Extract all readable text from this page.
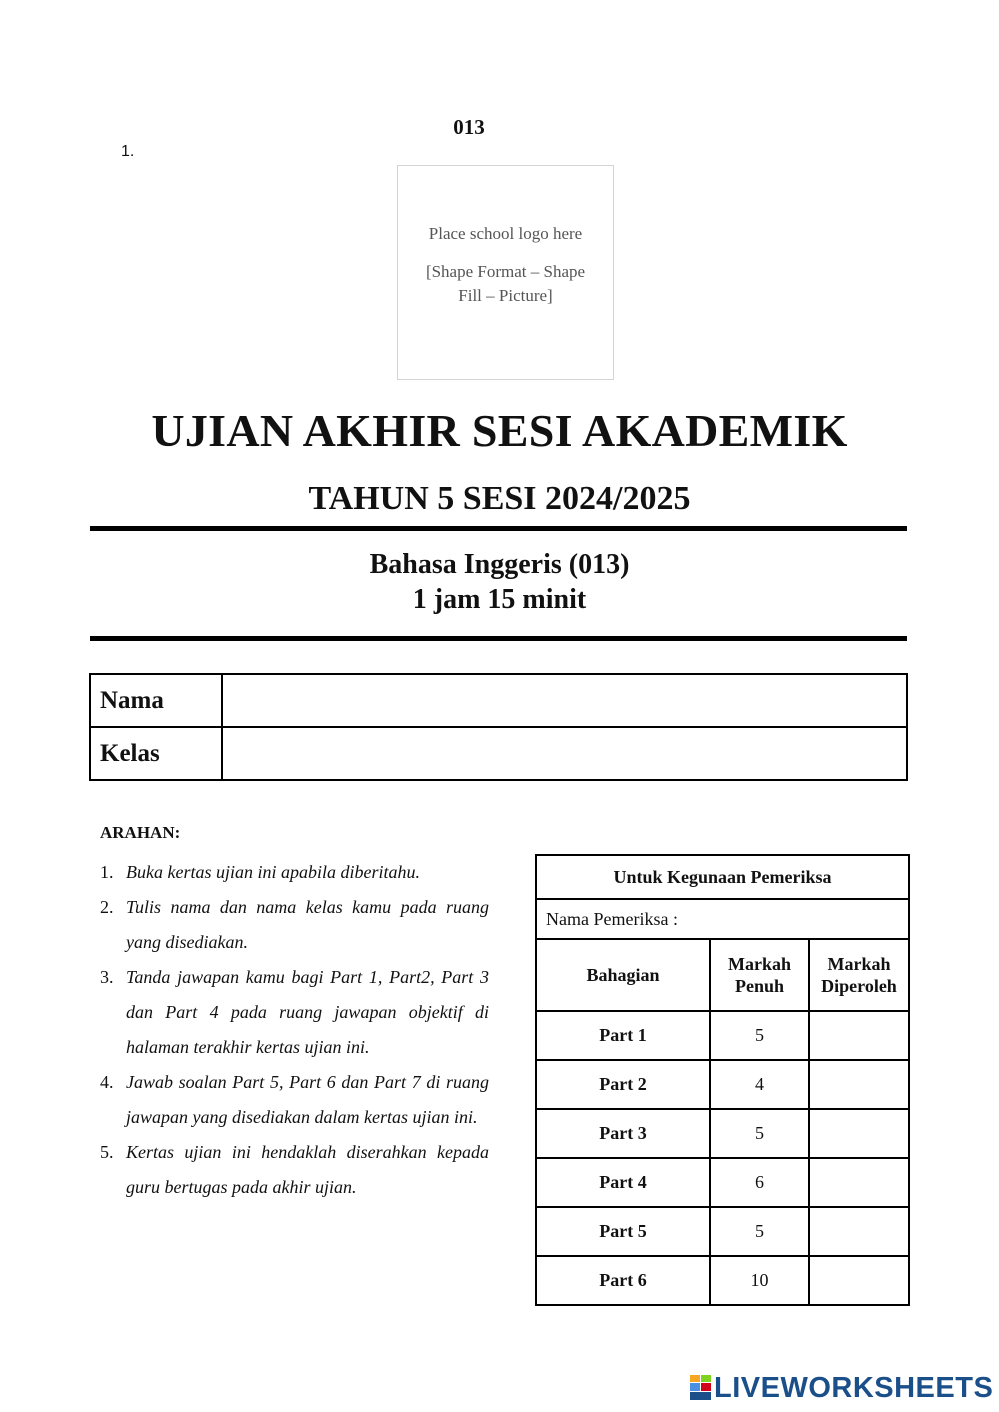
013
1.
Place school logo here
[Shape Format – Shape Fill – Picture]
UJIAN AKHIR SESI AKADEMIK
TAHUN 5 SESI 2024/2025
Bahasa Inggeris (013)
1 jam 15 minit
Nama	
Kelas	
ARAHAN:
1. Buka kertas ujian ini apabila diberitahu.
2. Tulis nama dan nama kelas kamu pada ruang yang disediakan.
3. Tanda jawapan kamu bagi Part 1, Part2, Part 3 dan Part 4 pada ruang jawapan objektif di halaman terakhir kertas ujian ini.
4. Jawab soalan Part 5, Part 6 dan Part 7 di ruang jawapan yang disediakan dalam kertas ujian ini.
5. Kertas ujian ini hendaklah diserahkan kepada guru bertugas pada akhir ujian.
Untuk Kegunaan Pemeriksa		
Nama Pemeriksa :		
Bahagian	Markah Penuh	Markah Diperoleh

Part 1	5	
Part 2	4	
Part 3	5	
Part 4	6	
Part 5	5	
Part 6	10	
LIVEWORKSHEETS
